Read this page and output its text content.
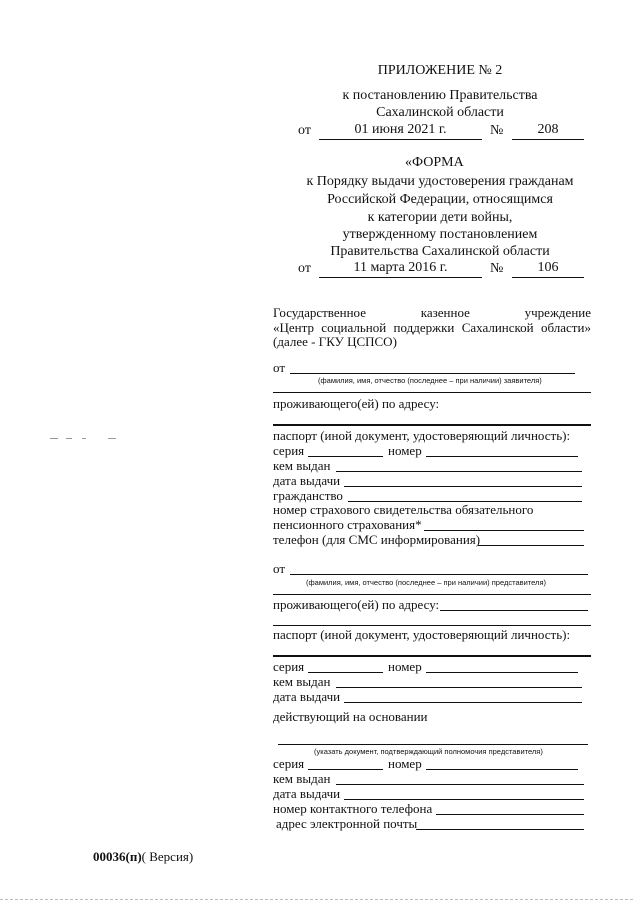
ПРИЛОЖЕНИЕ № 2
к постановлению Правительства
Сахалинской области
от	01 июня 2021 г.	№	208
«ФОРМА
к Порядку выдачи удостоверения гражданам
Российской Федерации, относящимся
к категории дети войны,
утвержденному постановлением
Правительства Сахалинской области
от	11 марта 2016 г.	№	106
Государственное	казенное	учреждение
«Центр социальной поддержки Сахалинской области»
(далее - ГКУ ЦСПСО)
от
(фамилия, имя, отчество (последнее – при наличии) заявителя)
проживающего(ей) по адресу:
паспорт (иной документ, удостоверяющий личность):
серия	номер
кем выдан
дата выдачи
гражданство
номер страхового свидетельства обязательного
пенсионного страхования*
телефон (для СМС информирования)
от
(фамилия, имя, отчество (последнее – при наличии) представителя)
проживающего(ей) по адресу:
паспорт (иной документ, удостоверяющий личность):
серия	номер
кем выдан
дата выдачи
действующий на основании
(указать документ, подтверждающий полномочия представителя)
серия	номер
кем выдан
дата выдачи
номер контактного телефона
адрес электронной почты
00036(п)( Версия)
